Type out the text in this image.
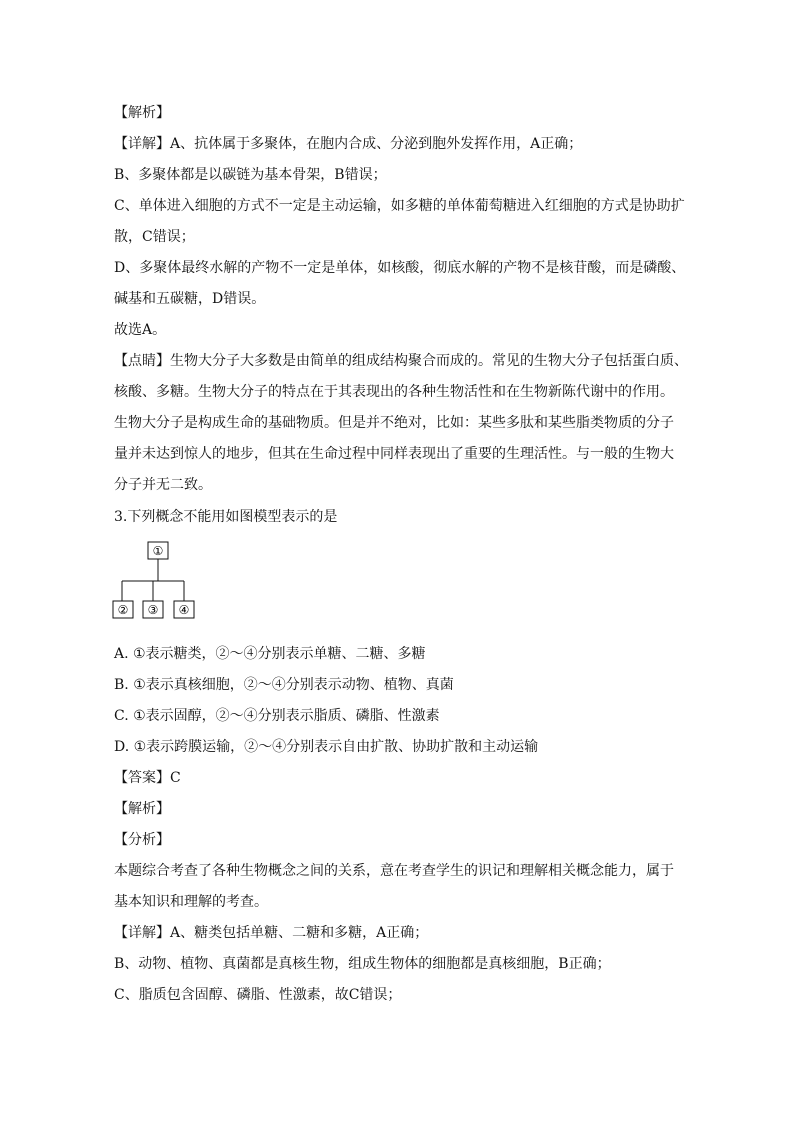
【解析】
【详解】A、抗体属于多聚体，在胞内合成、分泌到胞外发挥作用，A正确；
B、多聚体都是以碳链为基本骨架，B错误；
C、单体进入细胞的方式不一定是主动运输，如多糖的单体葡萄糖进入红细胞的方式是协助扩
散，C错误；
D、多聚体最终水解的产物不一定是单体，如核酸，彻底水解的产物不是核苷酸，而是磷酸、
碱基和五碳糖，D错误。
故选A。
【点睛】生物大分子大多数是由简单的组成结构聚合而成的。常见的生物大分子包括蛋白质、
核酸、多糖。生物大分子的特点在于其表现出的各种生物活性和在生物新陈代谢中的作用。
生物大分子是构成生命的基础物质。但是并不绝对，比如：某些多肽和某些脂类物质的分子
量并未达到惊人的地步，但其在生命过程中同样表现出了重要的生理活性。与一般的生物大
分子并无二致。
3.下列概念不能用如图模型表示的是
①
② ③ ④
A. ①表示糖类，②～④分别表示单糖、二糖、多糖
B. ①表示真核细胞，②～④分别表示动物、植物、真菌
C. ①表示固醇，②～④分别表示脂质、磷脂、性激素
D. ①表示跨膜运输，②～④分别表示自由扩散、协助扩散和主动运输
【答案】C
【解析】
【分析】
本题综合考查了各种生物概念之间的关系，意在考查学生的识记和理解相关概念能力，属于
基本知识和理解的考查。
【详解】A、糖类包括单糖、二糖和多糖，A正确；
B、动物、植物、真菌都是真核生物，组成生物体的细胞都是真核细胞，B正确；
C、脂质包含固醇、磷脂、性激素，故C错误；
